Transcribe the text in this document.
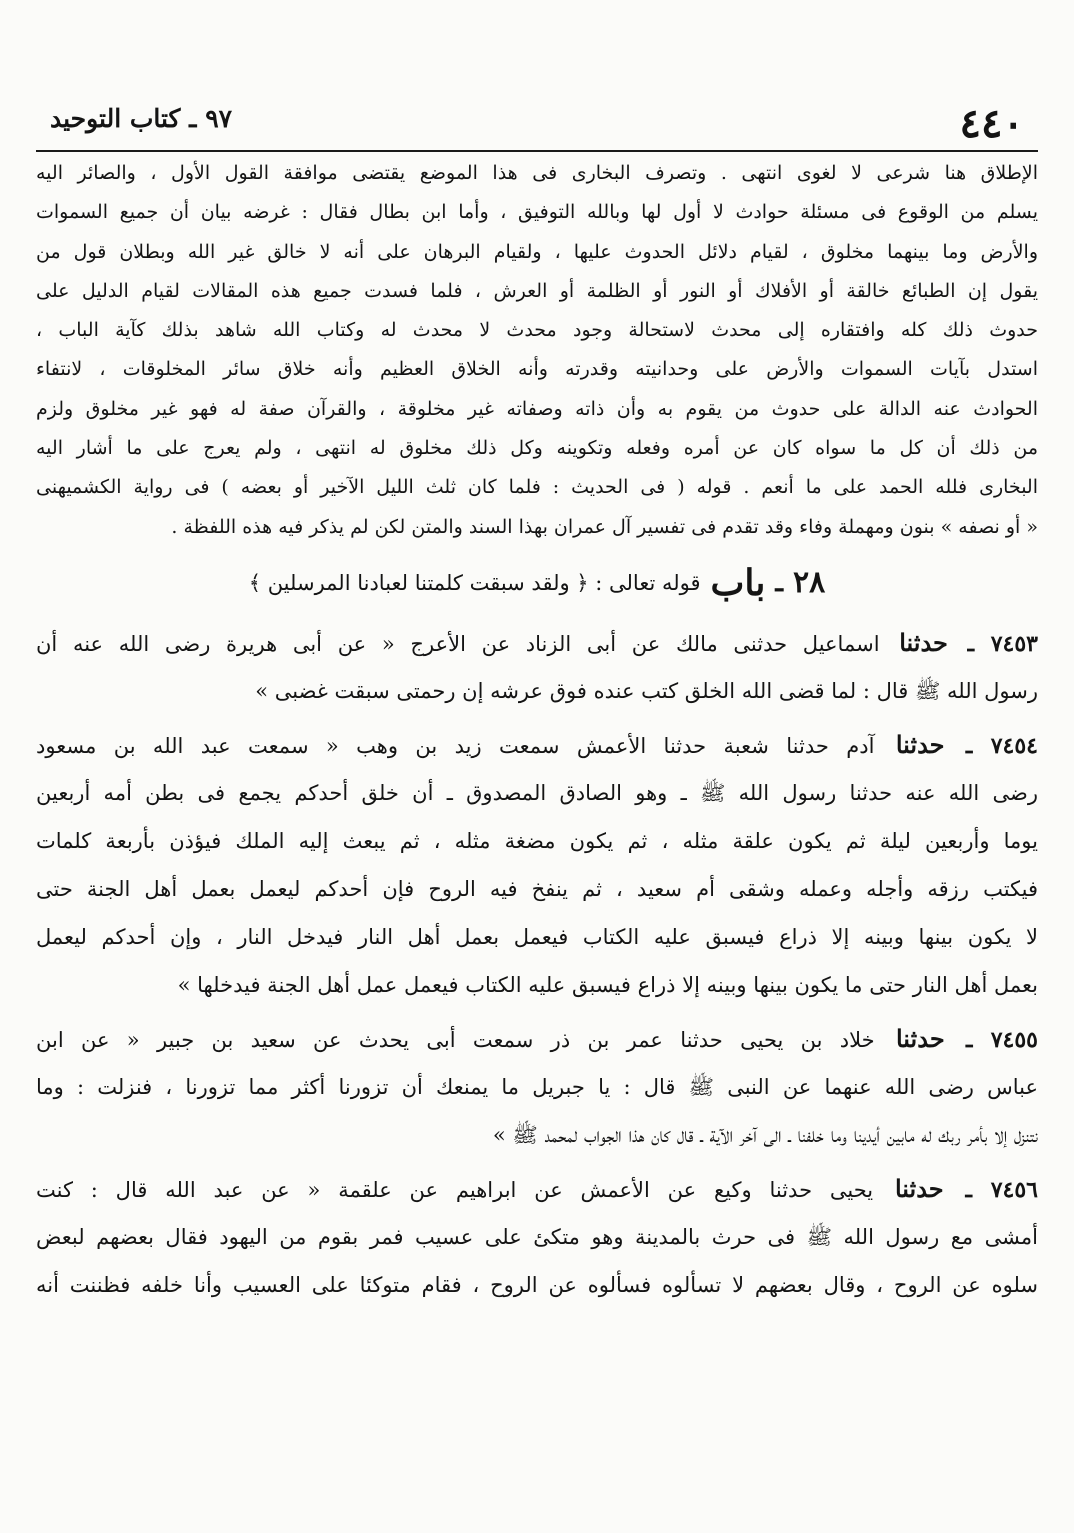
٤٤٠
٩٧ ـ كتاب التوحيد
الإطلاق هنا شرعى لا لغوى انتهى . وتصرف البخارى فى هذا الموضع يقتضى موافقة القول الأول ، والصائر اليه
يسلم من الوقوع فى مسئلة حوادث لا أول لها وبالله التوفيق ، وأما ابن بطال فقال : غرضه بيان أن جميع السموات
والأرض وما بينهما مخلوق ، لقيام دلائل الحدوث عليها ، ولقيام البرهان على أنه لا خالق غير الله وبطلان قول من
يقول إن الطبائع خالقة أو الأفلاك أو النور أو الظلمة أو العرش ، فلما فسدت جميع هذه المقالات لقيام الدليل على
حدوث ذلك كله وافتقاره إلى محدث لاستحالة وجود محدث لا محدث له وكتاب الله شاهد بذلك كآية الباب ،
استدل بآيات السموات والأرض على وحدانيته وقدرته وأنه الخلاق العظيم وأنه خلاق سائر المخلوقات ، لانتفاء
الحوادث عنه الدالة على حدوث من يقوم به وأن ذاته وصفاته غير مخلوقة ، والقرآن صفة له فهو غير مخلوق ولزم
من ذلك أن كل ما سواه كان عن أمره وفعله وتكوينه وكل ذلك مخلوق له انتهى ، ولم يعرج على ما أشار اليه
البخارى فلله الحمد على ما أنعم . قوله ( فى الحديث : فلما كان ثلث الليل الآخير أو بعضه ) فى رواية الكشميهنى
« أو نصفه » بنون ومهملة وفاء وقد تقدم فى تفسير آل عمران بهذا السند والمتن لكن لم يذكر فيه هذه اللفظة .
٢٨
ـ
باب
قوله تعالى : ﴿ ولقد سبقت كلمتنا لعبادنا المرسلين ﴾
٧٤٥٣ ـ حدثنا اسماعيل حدثنى مالك عن أبى الزناد عن الأعرج « عن أبى هريرة رضى الله عنه أن
رسول الله ﷺ قال : لما قضى الله الخلق كتب عنده فوق عرشه إن رحمتى سبقت غضبى »
٧٤٥٤ ـ حدثنا آدم حدثنا شعبة حدثنا الأعمش سمعت زيد بن وهب « سمعت عبد الله بن مسعود
رضى الله عنه حدثنا رسول الله ﷺ ـ وهو الصادق المصدوق ـ أن خلق أحدكم يجمع فى بطن أمه أربعين
يوما وأربعين ليلة ثم يكون علقة مثله ، ثم يكون مضغة مثله ، ثم يبعث إليه الملك فيؤذن بأربعة كلمات
فيكتب رزقه وأجله وعمله وشقى أم سعيد ، ثم ينفخ فيه الروح فإن أحدكم ليعمل بعمل أهل الجنة حتى
لا يكون بينها وبينه إلا ذراع فيسبق عليه الكتاب فيعمل بعمل أهل النار فيدخل النار ، وإن أحدكم ليعمل
بعمل أهل النار حتى ما يكون بينها وبينه إلا ذراع فيسبق عليه الكتاب فيعمل عمل أهل الجنة فيدخلها »
٧٤٥٥ ـ حدثنا خلاد بن يحيى حدثنا عمر بن ذر سمعت أبى يحدث عن سعيد بن جبير « عن ابن
عباس رضى الله عنهما عن النبى ﷺ قال : يا جبريل ما يمنعك أن تزورنا أكثر مما تزورنا ، فنزلت : وما
نتنزل إلا بأمر ربك له مابين أيدينا وما خلفنا ـ الى آخر الآية ـ قال كان هذا الجواب لمحمد ﷺ »
٧٤٥٦ ـ حدثنا يحيى حدثنا وكيع عن الأعمش عن ابراهيم عن علقمة « عن عبد الله قال : كنت
أمشى مع رسول الله ﷺ فى حرث بالمدينة وهو متكئ على عسيب فمر بقوم من اليهود فقال بعضهم لبعض
سلوه عن الروح ، وقال بعضهم لا تسألوه فسألوه عن الروح ، فقام متوكئا على العسيب وأنا خلفه فظننت أنه
